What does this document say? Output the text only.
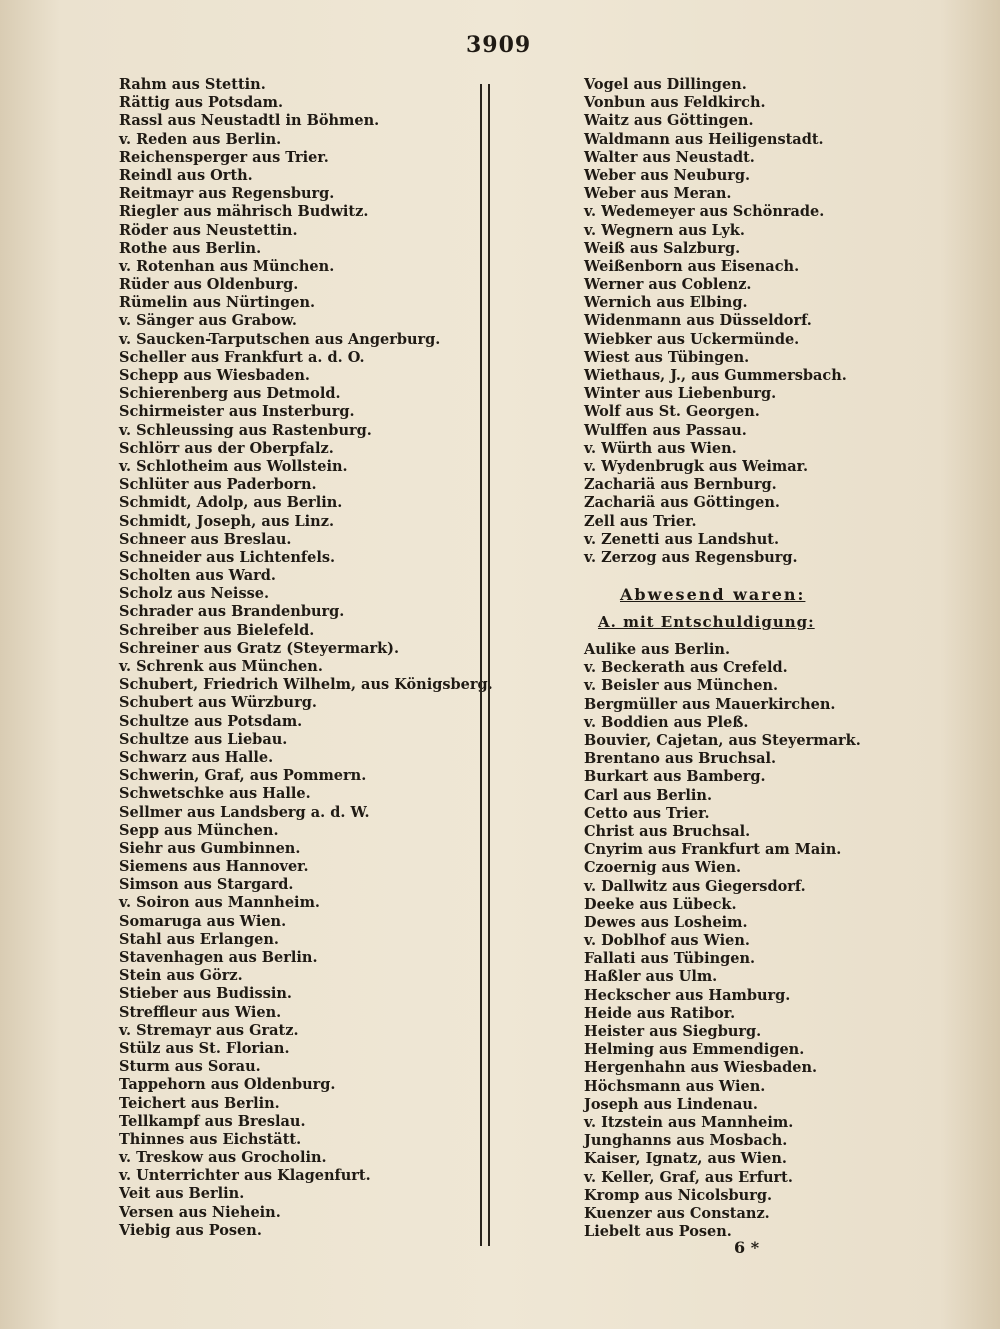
3909
Rahm aus Stettin.
Rättig aus Potsdam.
Rassl aus Neustadtl in Böhmen.
v. Reden aus Berlin.
Reichensperger aus Trier.
Reindl aus Orth.
Reitmayr aus Regensburg.
Riegler aus mährisch Budwitz.
Röder aus Neustettin.
Rothe aus Berlin.
v. Rotenhan aus München.
Rüder aus Oldenburg.
Rümelin aus Nürtingen.
v. Sänger aus Grabow.
v. Saucken-Tarputschen aus Angerburg.
Scheller aus Frankfurt a. d. O.
Schepp aus Wiesbaden.
Schierenberg aus Detmold.
Schirmeister aus Insterburg.
v. Schleussing aus Rastenburg.
Schlörr aus der Oberpfalz.
v. Schlotheim aus Wollstein.
Schlüter aus Paderborn.
Schmidt, Adolp, aus Berlin.
Schmidt, Joseph, aus Linz.
Schneer aus Breslau.
Schneider aus Lichtenfels.
Scholten aus Ward.
Scholz aus Neisse.
Schrader aus Brandenburg.
Schreiber aus Bielefeld.
Schreiner aus Gratz (Steyermark).
v. Schrenk aus München.
Schubert, Friedrich Wilhelm, aus Königsberg.
Schubert aus Würzburg.
Schultze aus Potsdam.
Schultze aus Liebau.
Schwarz aus Halle.
Schwerin, Graf, aus Pommern.
Schwetschke aus Halle.
Sellmer aus Landsberg a. d. W.
Sepp aus München.
Siehr aus Gumbinnen.
Siemens aus Hannover.
Simson aus Stargard.
v. Soiron aus Mannheim.
Somaruga aus Wien.
Stahl aus Erlangen.
Stavenhagen aus Berlin.
Stein aus Görz.
Stieber aus Budissin.
Streffleur aus Wien.
v. Stremayr aus Gratz.
Stülz aus St. Florian.
Sturm aus Sorau.
Tappehorn aus Oldenburg.
Teichert aus Berlin.
Tellkampf aus Breslau.
Thinnes aus Eichstätt.
v. Treskow aus Grocholin.
v. Unterrichter aus Klagenfurt.
Veit aus Berlin.
Versen aus Niehein.
Viebig aus Posen.
Vogel aus Dillingen.
Vonbun aus Feldkirch.
Waitz aus Göttingen.
Waldmann aus Heiligenstadt.
Walter aus Neustadt.
Weber aus Neuburg.
Weber aus Meran.
v. Wedemeyer aus Schönrade.
v. Wegnern aus Lyk.
Weiß aus Salzburg.
Weißenborn aus Eisenach.
Werner aus Coblenz.
Wernich aus Elbing.
Widenmann aus Düsseldorf.
Wiebker aus Uckermünde.
Wiest aus Tübingen.
Wiethaus, J., aus Gummersbach.
Winter aus Liebenburg.
Wolf aus St. Georgen.
Wulffen aus Passau.
v. Würth aus Wien.
v. Wydenbrugk aus Weimar.
Zachariä aus Bernburg.
Zachariä aus Göttingen.
Zell aus Trier.
v. Zenetti aus Landshut.
v. Zerzog aus Regensburg.
Abwesend waren:
A. mit Entschuldigung:
Aulike aus Berlin.
v. Beckerath aus Crefeld.
v. Beisler aus München.
Bergmüller aus Mauerkirchen.
v. Boddien aus Pleß.
Bouvier, Cajetan, aus Steyermark.
Brentano aus Bruchsal.
Burkart aus Bamberg.
Carl aus Berlin.
Cetto aus Trier.
Christ aus Bruchsal.
Cnyrim aus Frankfurt am Main.
Czoernig aus Wien.
v. Dallwitz aus Giegersdorf.
Deeke aus Lübeck.
Dewes aus Losheim.
v. Doblhof aus Wien.
Fallati aus Tübingen.
Haßler aus Ulm.
Heckscher aus Hamburg.
Heide aus Ratibor.
Heister aus Siegburg.
Helming aus Emmendigen.
Hergenhahn aus Wiesbaden.
Höchsmann aus Wien.
Joseph aus Lindenau.
v. Itzstein aus Mannheim.
Junghanns aus Mosbach.
Kaiser, Ignatz, aus Wien.
v. Keller, Graf, aus Erfurt.
Kromp aus Nicolsburg.
Kuenzer aus Constanz.
Liebelt aus Posen.
6 *
